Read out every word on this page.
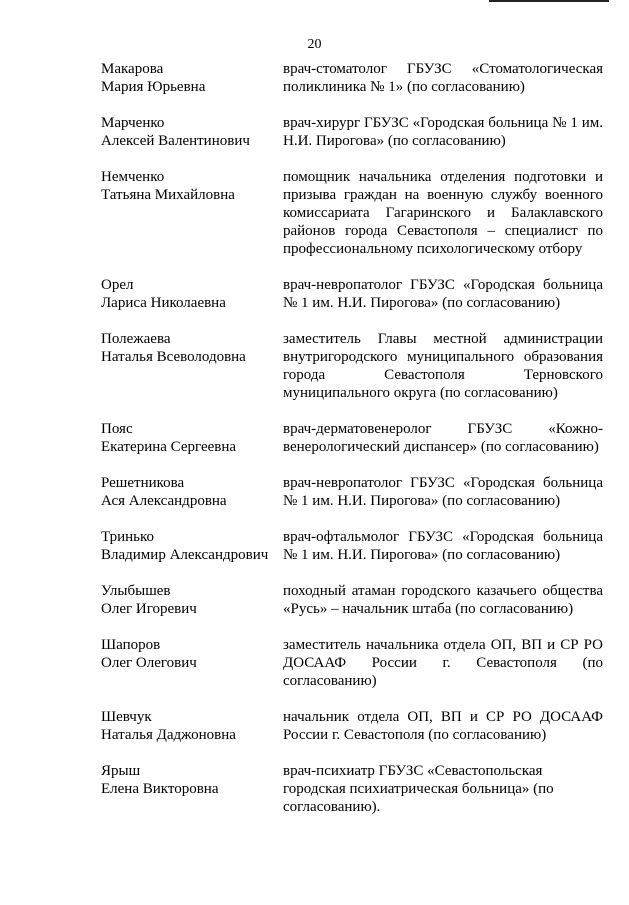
20
Макарова
Мария Юрьевна
врач-стоматолог ГБУЗС «Стоматологическая поликлиника № 1» (по согласованию)
Марченко
Алексей Валентинович
врач-хирург ГБУЗС «Городская больница № 1 им. Н.И. Пирогова» (по согласованию)
Немченко
Татьяна Михайловна
помощник начальника отделения подготовки и призыва граждан на военную службу военного комиссариата Гагаринского и Балаклавского районов города Севастополя – специалист по профессиональному психологическому отбору
Орел
Лариса Николаевна
врач-невропатолог ГБУЗС «Городская больница № 1 им. Н.И. Пирогова» (по согласованию)
Полежаева
Наталья Всеволодовна
заместитель Главы местной администрации внутригородского муниципального образования города Севастополя Терновского муниципального округа (по согласованию)
Пояс
Екатерина Сергеевна
врач-дерматовенеролог ГБУЗС «Кожно-венерологический диспансер» (по согласованию)
Решетникова
Ася Александровна
врач-невропатолог ГБУЗС «Городская больница № 1 им. Н.И. Пирогова» (по согласованию)
Тринько
Владимир Александрович
врач-офтальмолог ГБУЗС «Городская больница № 1 им. Н.И. Пирогова» (по согласованию)
Улыбышев
Олег Игоревич
походный атаман городского казачьего общества «Русь» – начальник штаба (по согласованию)
Шапоров
Олег Олегович
заместитель начальника отдела ОП, ВП и СР РО ДОСААФ России г. Севастополя (по согласованию)
Шевчук
Наталья Даджоновна
начальник отдела ОП, ВП и СР РО ДОСААФ России г. Севастополя (по согласованию)
Ярыш
Елена Викторовна
врач-психиатр ГБУЗС «Севастопольская городская психиатрическая больница» (по согласованию).
